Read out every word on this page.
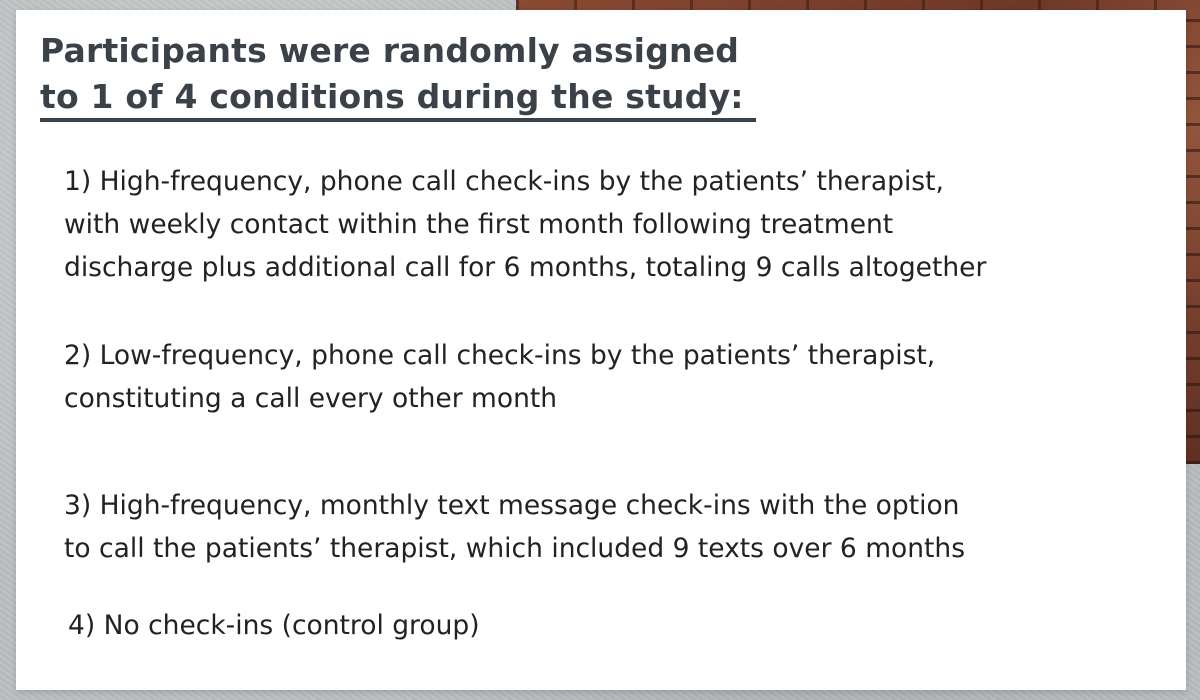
Participants were randomly assigned
to 1 of 4 conditions during the study:

1) High-frequency, phone call check-ins by the patients’ therapist,
with weekly contact within the first month following treatment
discharge plus additional call for 6 months, totaling 9 calls altogether

2) Low-frequency, phone call check-ins by the patients’ therapist,
constituting a call every other month

3) High-frequency, monthly text message check-ins with the option
to call the patients’ therapist, which included 9 texts over 6 months

4) No check-ins (control group)
